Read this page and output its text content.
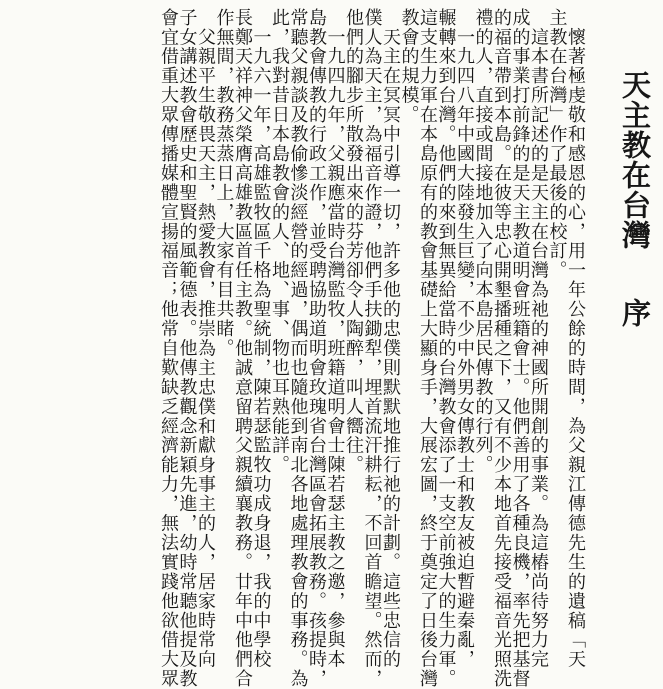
天主教在台灣
序
　懷著極虔敬和感恩的心，用一年公餘的時間，為父親江傳德先生的遺稿「天
主教在台灣」作了最後的校訂。
　這本書所記述的是天主在台灣為祂的神國所開創的事業。為這樁尚待努力完
成的事業打前鋒的是天主教道明會班籍會士。他們善用了各種良機，率先把基督
的福音帶到本島。在彼等忠心開墾播種之下，又有不少本地首先接受福音光照洗
禮的人，直接或間接地加入了向本島居民傳教的行列。
　一九四八年中國大陸發生巨變，不少中外男女傳教士和教友被迫暫避秦亂，
輾轉來到台灣。他們的來到無異給當時的台灣教會添了一支空前強大的生力軍。
這支生力軍在本島原有的教會基礎上大顯身手，大展宏圖，終于奠定了日後台灣
教會的規模。
　天主在冥冥中引導一切，許多他的忠僕則默默地推行祂的計劃。這些忠信的
僕人為天主，為福音作證，他們手扶鋤犁，埋首流汗耕耘，不回首瞻望。然而，
他們的腳步所散發出來的芬芳卻令人陶醉，叫人嚮往。
　一九四九年，父親應當時台灣監牧，班籍道明會士陳若瑟主教之邀，參與本
島教會傳教的行政工作，並受聘協助道明會玫瑰省台灣區會拓展教務。孩提時，
常聽父親談及教偷慘淡經營的經過，偶而也隨他到南北各地處理教會的事務。為
此，我對昔日本島教會的人、地、事、物也耳熟能詳。
　一九六一年，高雄監牧區千格為聖統制，陳若瑟監牧功成身退，我的中學校
長鄭天祥神父榮膺高雄教區首任主教。他誠意留聘父親續襄教務。廿年中他們合
作無間，教務蒸蒸日上，大家有目共睹。
　父親平生敬畏天主，熱愛教會，推崇為主忠僕和獻身事主的人，居家時常向
子女講述教會歷史和聖賢的風範德表。他傳教觀念新穎先進，幼時常聽他提及教
會宜借重大眾傳播媒體宣揚福音；他常自歎缺乏經濟能力，無法實踐他欲借大眾
